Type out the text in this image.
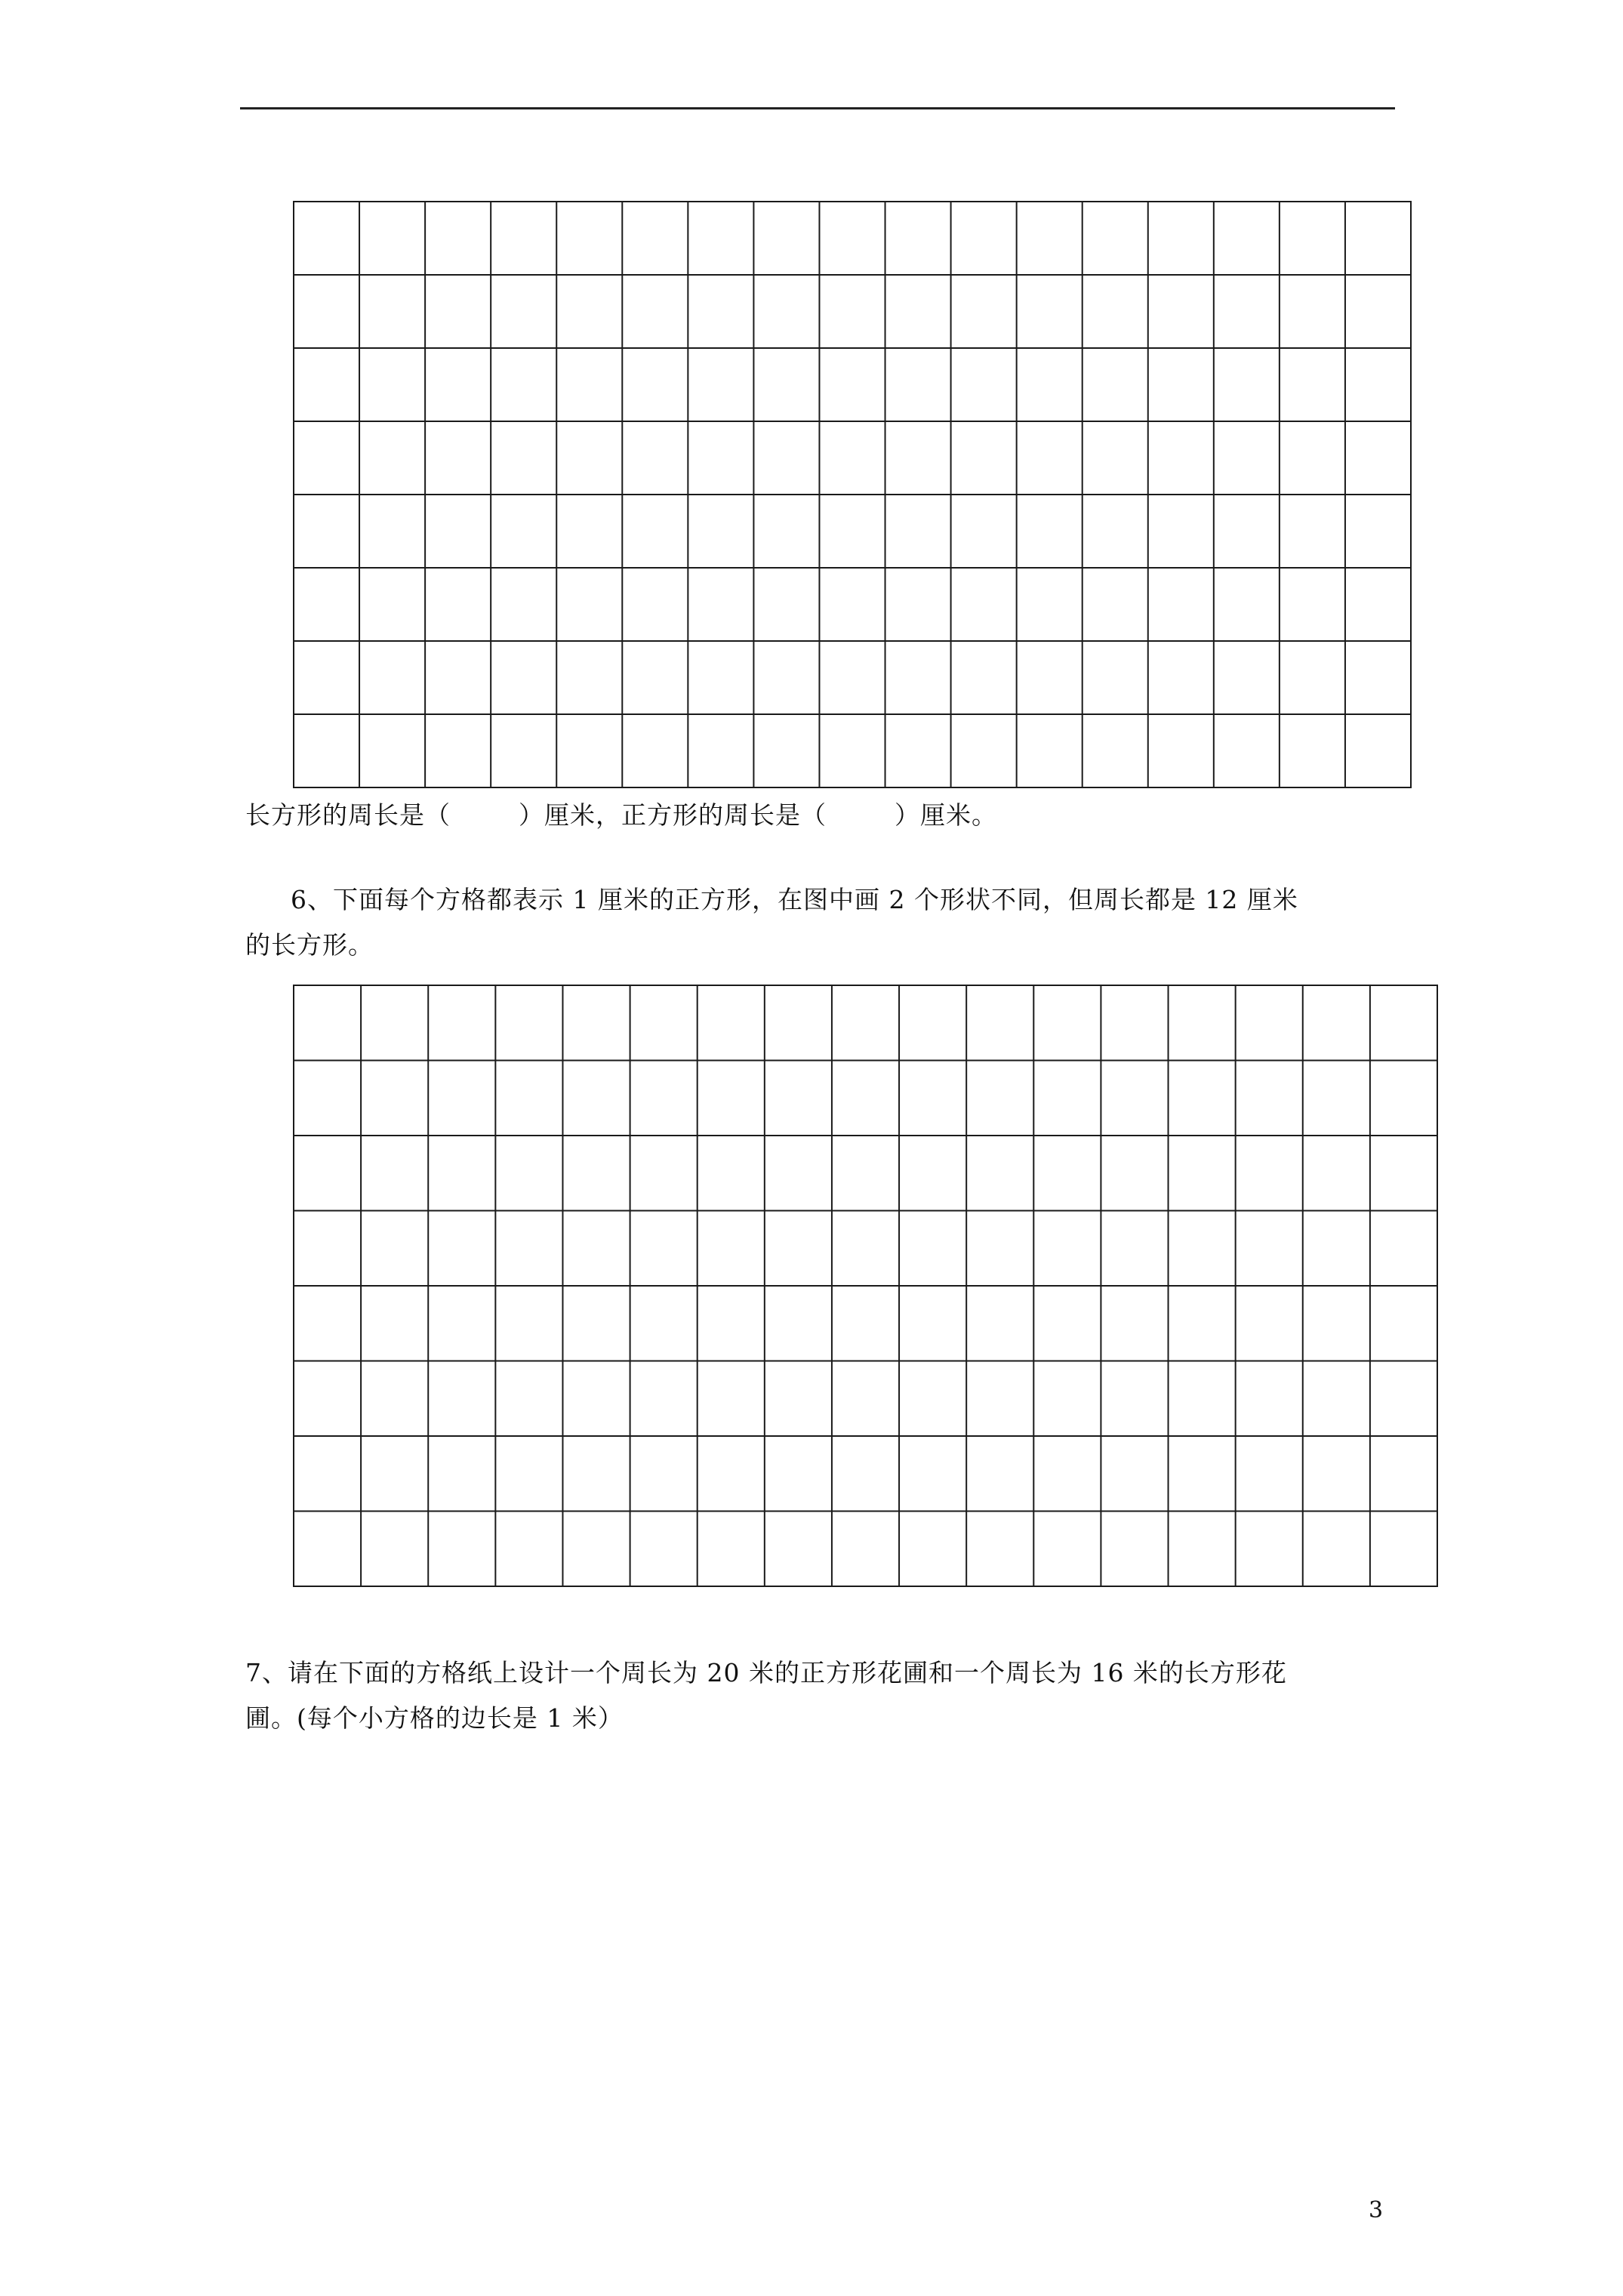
长方形的周长是（	）厘米，正方形的周长是（	）厘米。
6、下面每个方格都表示 1 厘米的正方形，在图中画 2 个形状不同，但周长都是 12 厘米
的长方形。
7、请在下面的方格纸上设计一个周长为 20 米的正方形花圃和一个周长为 16 米的长方形花
圃。(每个小方格的边长是 1 米）
3
